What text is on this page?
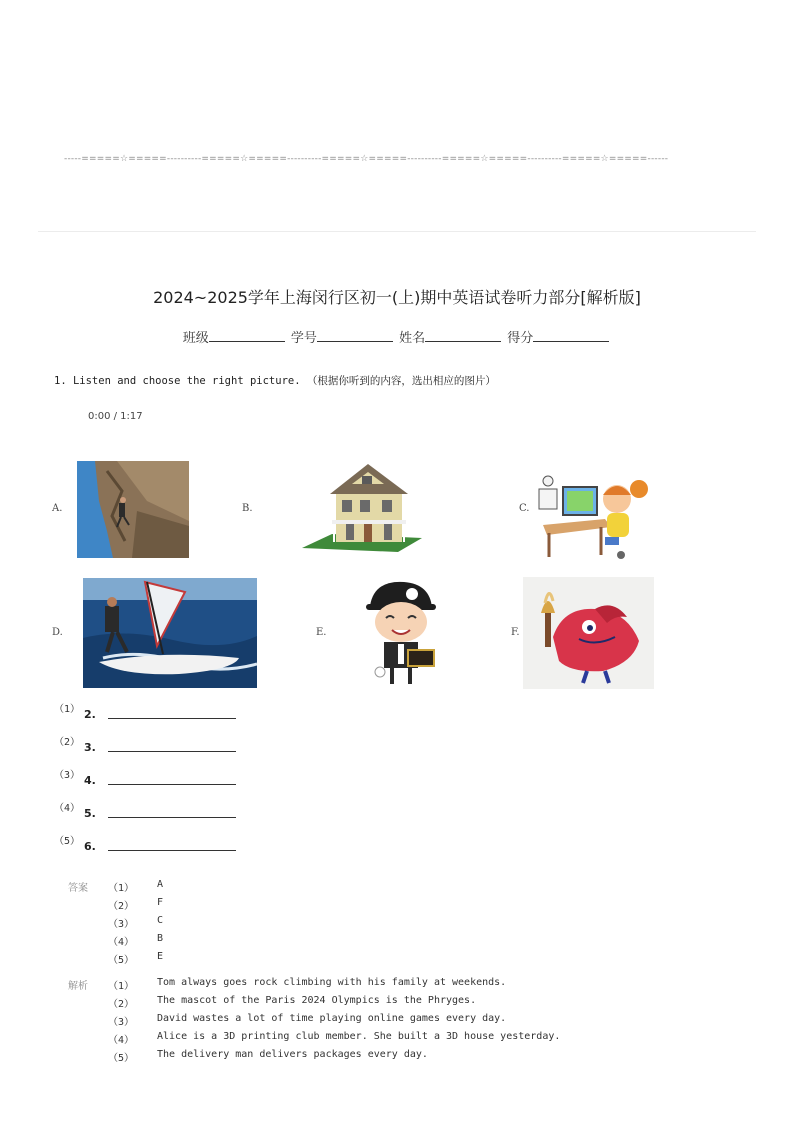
-----=====☆=====----------=====☆=====----------=====☆=====----------=====☆=====----------=====☆=====------
2024~2025学年上海闵行区初一(上)期中英语试卷听力部分[解析版]
班级	学号	姓名	得分
1. Listen and choose the right picture. （根据你听到的内容，选出相应的图片）
0:00 / 1:17
A.	B.	C.
D.	E.	F.
（1） 2.
（2） 3.
（3） 4.
（4） 5.
（5） 6.
答案 （1） A
（2） F
（3） C
（4） B
（5） E
解析 （1） Tom always goes rock climbing with his family at weekends.
（2） The mascot of the Paris 2024 Olympics is the Phryges.
（3） David wastes a lot of time playing online games every day.
（4） Alice is a 3D printing club member. She built a 3D house yesterday.
（5） The delivery man delivers packages every day.
